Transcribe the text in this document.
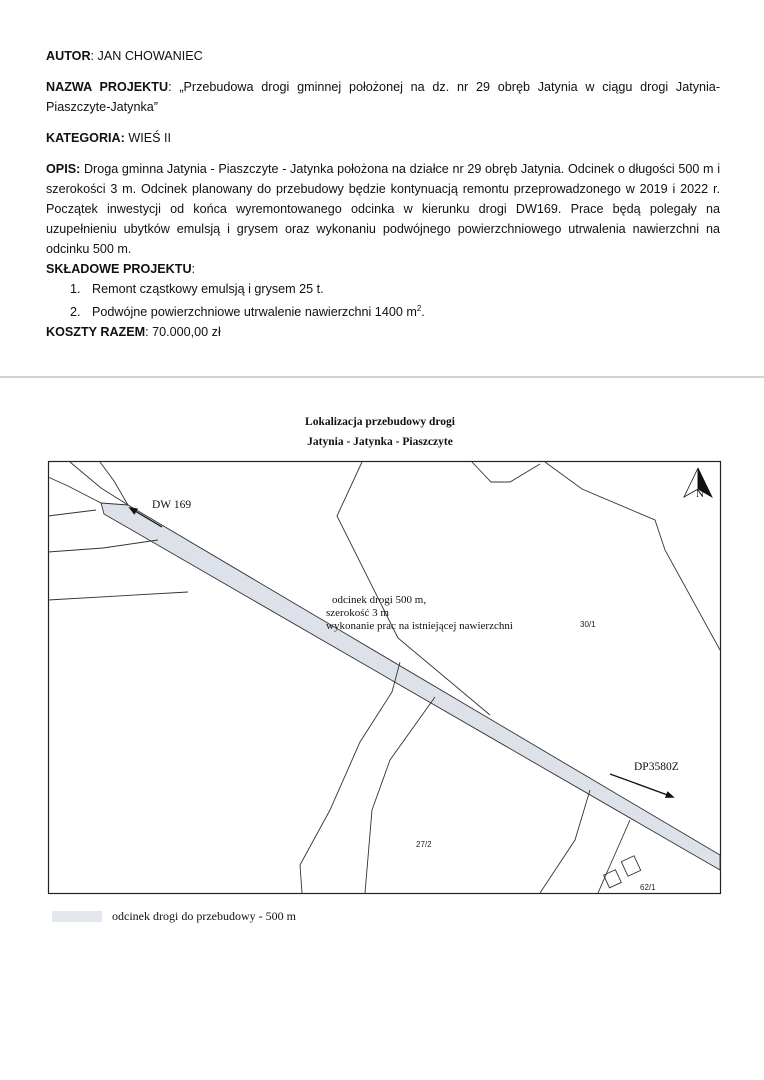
AUTOR: JAN CHOWANIEC

NAZWA PROJEKTU: „Przebudowa drogi gminnej położonej na dz. nr 29 obręb Jatynia w ciągu drogi Jatynia-Piaszczyte-Jatynka”

KATEGORIA: WIEŚ II

OPIS: Droga gminna Jatynia - Piaszczyte - Jatynka położona na działce nr 29 obręb Jatynia. Odcinek o długości 500 m i szerokości 3 m. Odcinek planowany do przebudowy będzie kontynuacją remontu przeprowadzonego w 2019 i 2022 r. Początek inwestycji od końca wyremontowanego odcinka w kierunku drogi DW169. Prace będą polegały na uzupełnieniu ubytków emulsją i grysem oraz wykonaniu podwójnego powierzchniowego utrwalenia nawierzchni na odcinku 500 m.

SKŁADOWE PROJEKTU:

1. Remont cząstkowy emulsją i grysem 25 t.
2. Podwójne powierzchniowe utrwalenie nawierzchni 1400 $m^2$.

KOSZTY RAZEM: 70.000,00 zł

Lokalizacja przebudowy drogi
Jatynia - Jatynka - Piaszczyte
N
DW 169
DP3580Z
odcinek drogi 500 m,
szerokość 3 m
wykonanie prac na istniejącej nawierzchni	30/1
27/2
62/1
odcinek drogi do przebudowy - 500 m
